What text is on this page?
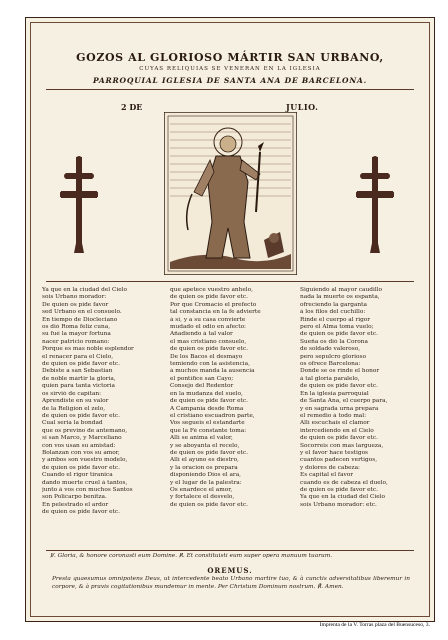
GOZOS AL GLORIOSO MÁRTIR SAN URBANO,
CUYAS RELIQUIAS SE VENERAN EN LA IGLESIA
PARROQUIAL IGLESIA DE SANTA ANA DE BARCELONA.
2 DE	JULIO.
Ya que en la ciudad del Cielo
sois Urbano morador:
De quien os pide favor
sed Urbano en el consuelo.
En tiempo de Diocleciano
os dió Roma feliz cuna,
su fué la mayor fortuna
nacer patricio romano:
Porque es mas noble esplendor
el renacer para el Cielo,
de quien os pide favor etc.
Debiste a san Sebastian
de noble mártir la gloria,
quien para tanta victoria
os sirvió de capitan:
Aprendiste en su valor
de la Religion el zelo,
de quien os pide favor etc.
Cual seria la bondad
que os previno de antemano,
si san Marco, y Marceliano
con vos usan su amistad:
Bolanzan con vos su amor,
y ambos son vuestro modelo,
de quien os pide favor etc.
Cuando el rigor tiranica
dando muerte cruel á tantos,
junto á vos con muchos Santos
son Policarpo benitza.
En pelestrado el ardor
de quien os pide favor etc.
que apetece vuestro anhelo,
de quien os pide favor etc.
Por que Cromacio el prefecto
tal constancia en la fe advierte
á si, y a su casa convierte
mudado el odio en afecto:
Añadiendo á tal valor
el mas cristiano consuelo,
de quien os pide favor etc.
De los Bacos el desmayo
temiendo con la asistencia,
á muchos manda la ausencia
el pontífice san Cayo;
Consejo del Redentor
en la mudanza del suelo,
de quien os pide favor etc.
A Campania desde Roma
el cristiano escuadron parte,
Vos segueis el estandarte
que la Fé constante toma:
Allí se anima el valor,
y se aboyanta el recelo,
de quien os pide favor etc.
Allí el ayuno es diestro,
y la oracion os prepara
disponiendo Dios el ara,
y el lugar de la palestra:
Os enardece el amor,
y fortalece el desvelo,
de quien os pide favor etc.
Siguiendo al mayor caudillo
nada la muerte os espanta,
ofreciendo la garganta
á los filos del cuchillo:
Rinde el cuerpo al rigor
pero el Alma toma vuelo;
de quien os pide favor etc.
Sueña os dió la Corona
de soldado valeroso,
pero sepulcro glorioso
os ofrece Barcelona:
Donde se os rinde el honor
á tal gloria paralelo,
de quien os pide favor etc.
En la iglesia parroquial
de Santa Ana, el cuerpo para,
y en sagrada urna prepara
el remedio á todo mal:
Allí escuchais el clamor
intercediendo en el Cielo
de quien os pide favor etc.
Socorreis con mas largueza,
y el favor hace testigos
cuantos padecen vertigos,
y dolores de cabeza:
Es capital el favor
cuando es de cabeza el duelo,
de quien os pide favor etc.
Ya que en la ciudad del Cielo
sois Urbano morador: etc.
℣. Gloria, & honore coronasti eum Domine. ℟. Et constituisti eum super opera manuum tuarum.
OREMUS.
Presta quaesumus omnipotens Deus, ut intercedente beato Urbano martire tuo, & à cunctis adversitatibus liberemur in corpore, & à pravis cogitationibus mundemur in mente. Per Christum Dominum nostrum. ℟. Amen.
Imprenta de la V. Torras plaza del Buensuceso, 3.
